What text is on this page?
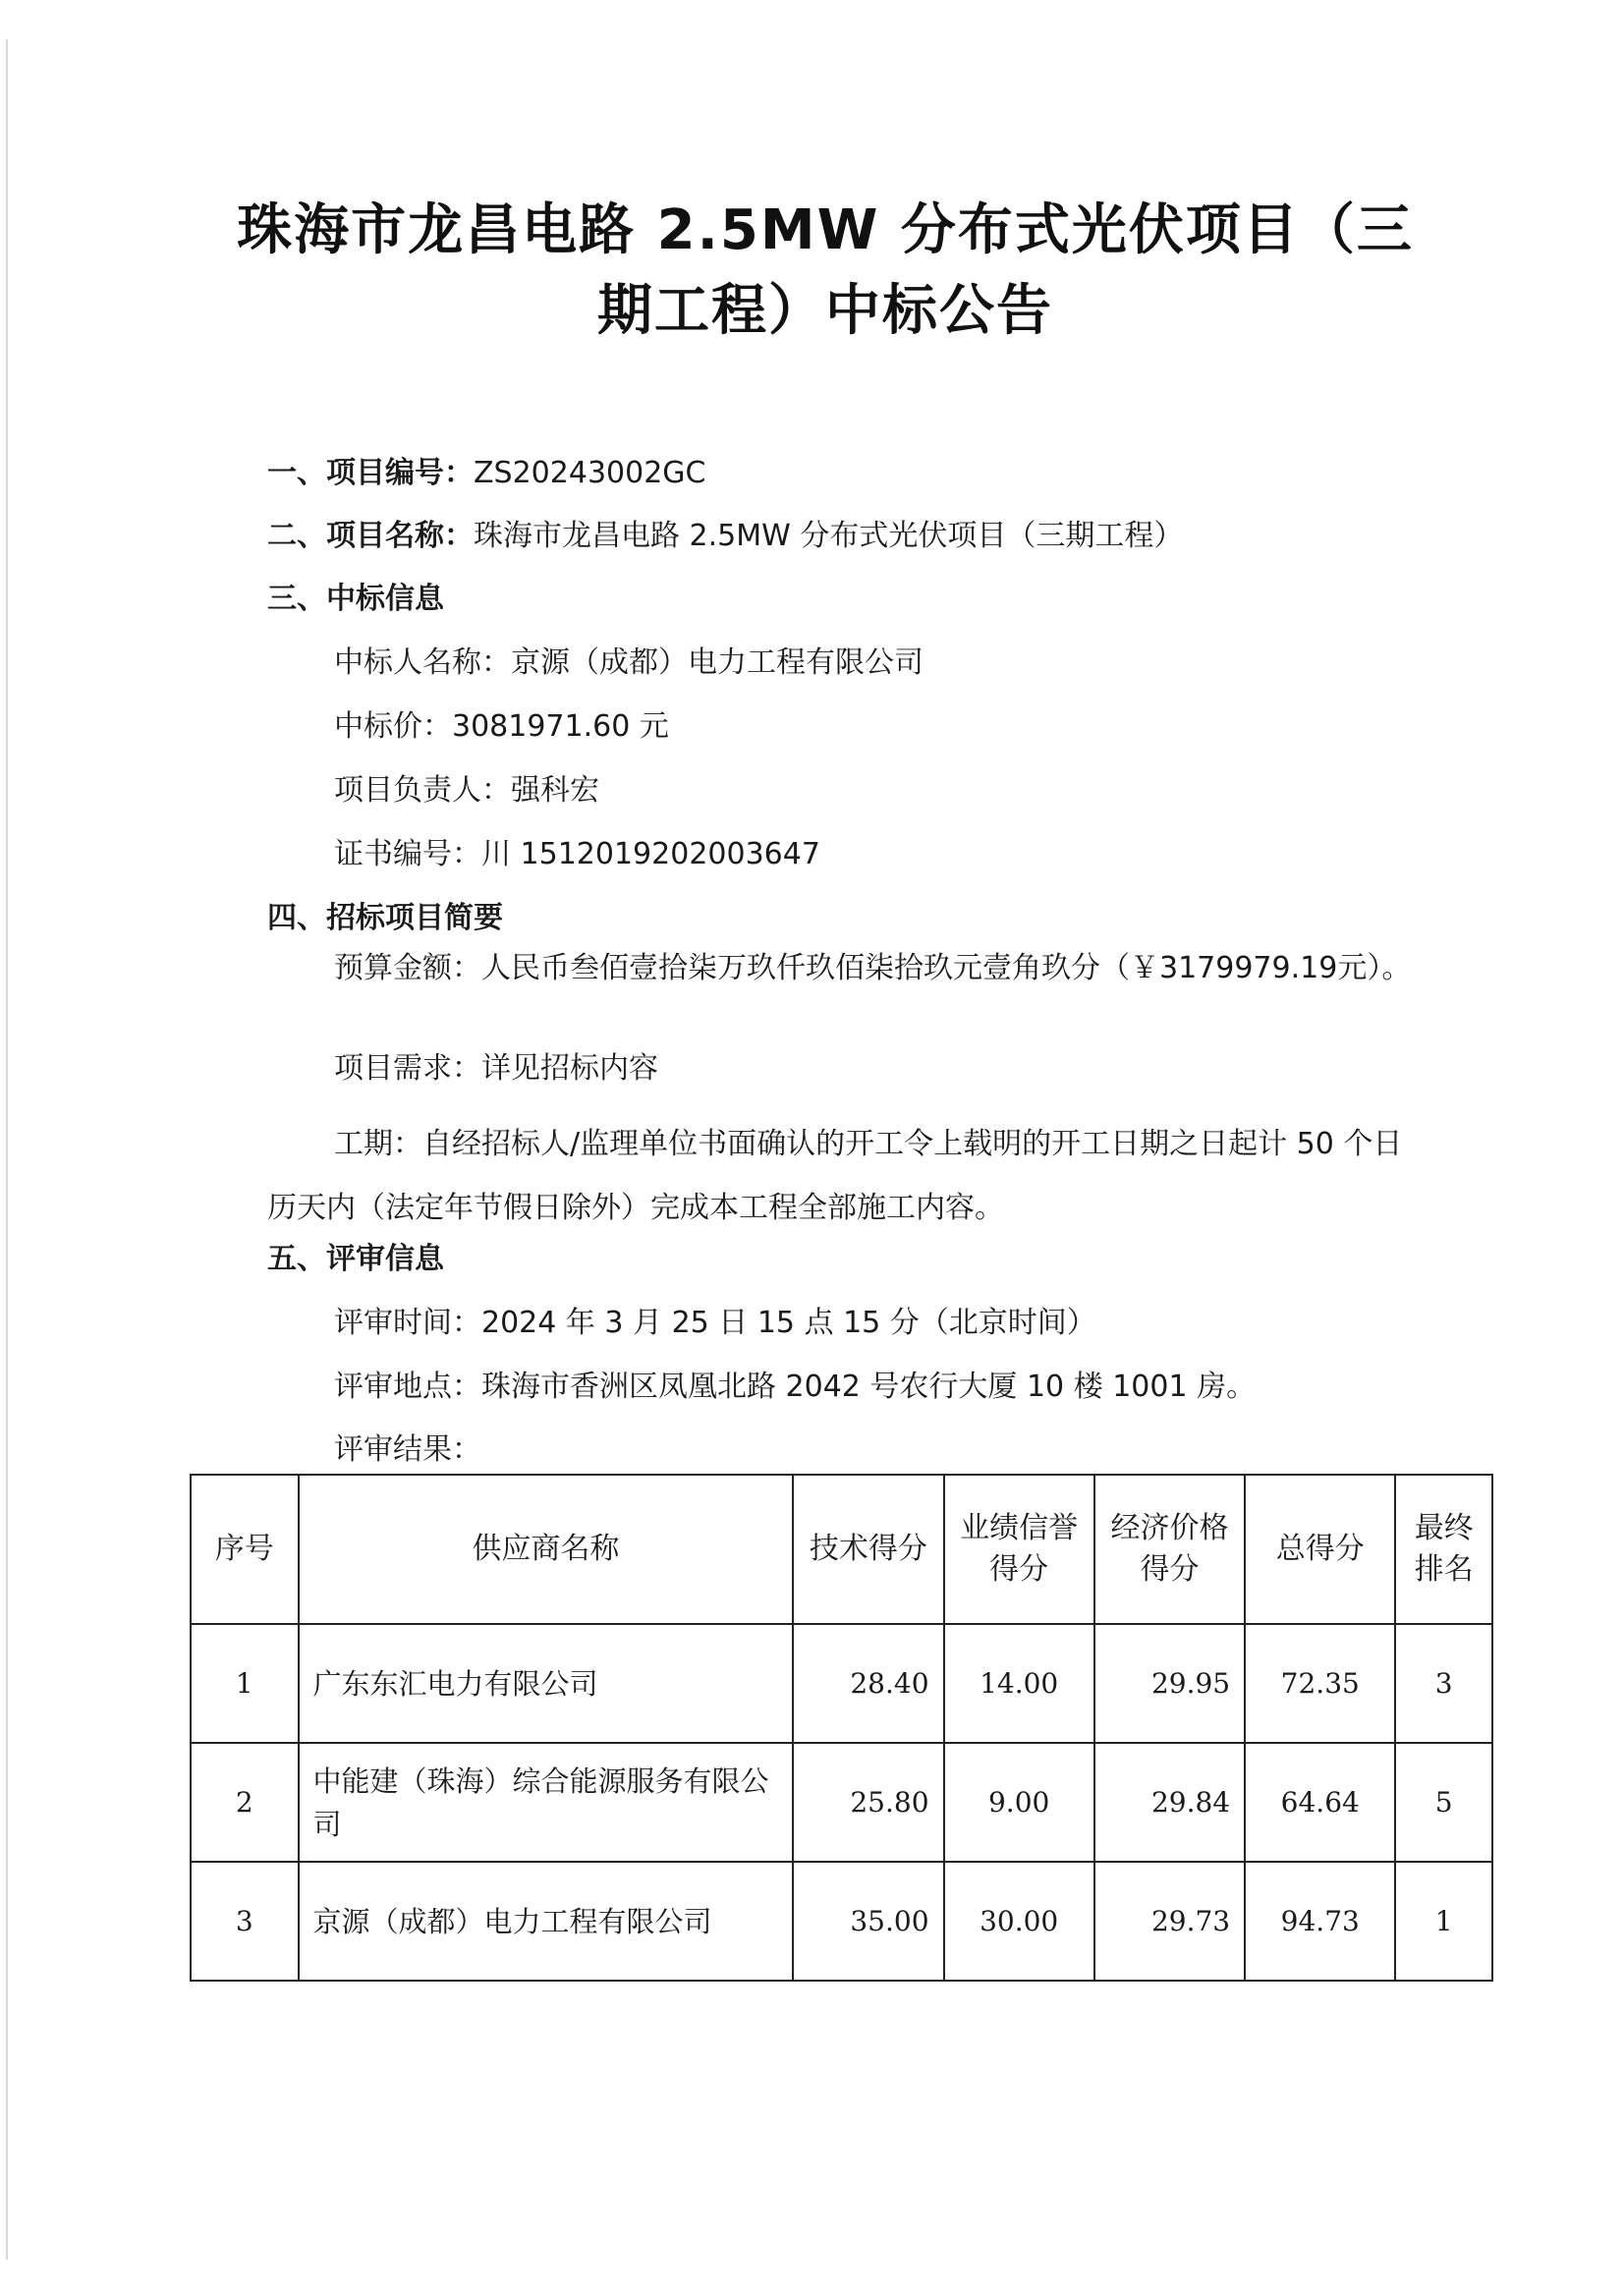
珠海市龙昌电路 2.5MW 分布式光伏项目（三
期工程）中标公告
一、项目编号：ZS20243002GC
二、项目名称：珠海市龙昌电路 2.5MW 分布式光伏项目（三期工程）
三、中标信息
中标人名称：京源（成都）电力工程有限公司
中标价：3081971.60 元
项目负责人：强科宏
证书编号：川 1512019202003647
四、招标项目简要
预算金额：人民币叁佰壹拾柒万玖仟玖佰柒拾玖元壹角玖分（￥3179979.19元）。
项目需求：详见招标内容
工期：自经招标人/监理单位书面确认的开工令上载明的开工日期之日起计 50 个日历天内（法定年节假日除外）完成本工程全部施工内容。
五、评审信息
评审时间：2024 年 3 月 25 日 15 点 15 分（北京时间）
评审地点：珠海市香洲区凤凰北路 2042 号农行大厦 10 楼 1001 房。
评审结果：
序号	供应商名称	技术得分	业绩信誉得分	经济价格得分	总得分	最终排名
1	广东东汇电力有限公司	28.40	14.00	29.95	72.35	3
2	中能建（珠海）综合能源服务有限公司	25.80	9.00	29.84	64.64	5
3	京源（成都）电力工程有限公司	35.00	30.00	29.73	94.73	1
